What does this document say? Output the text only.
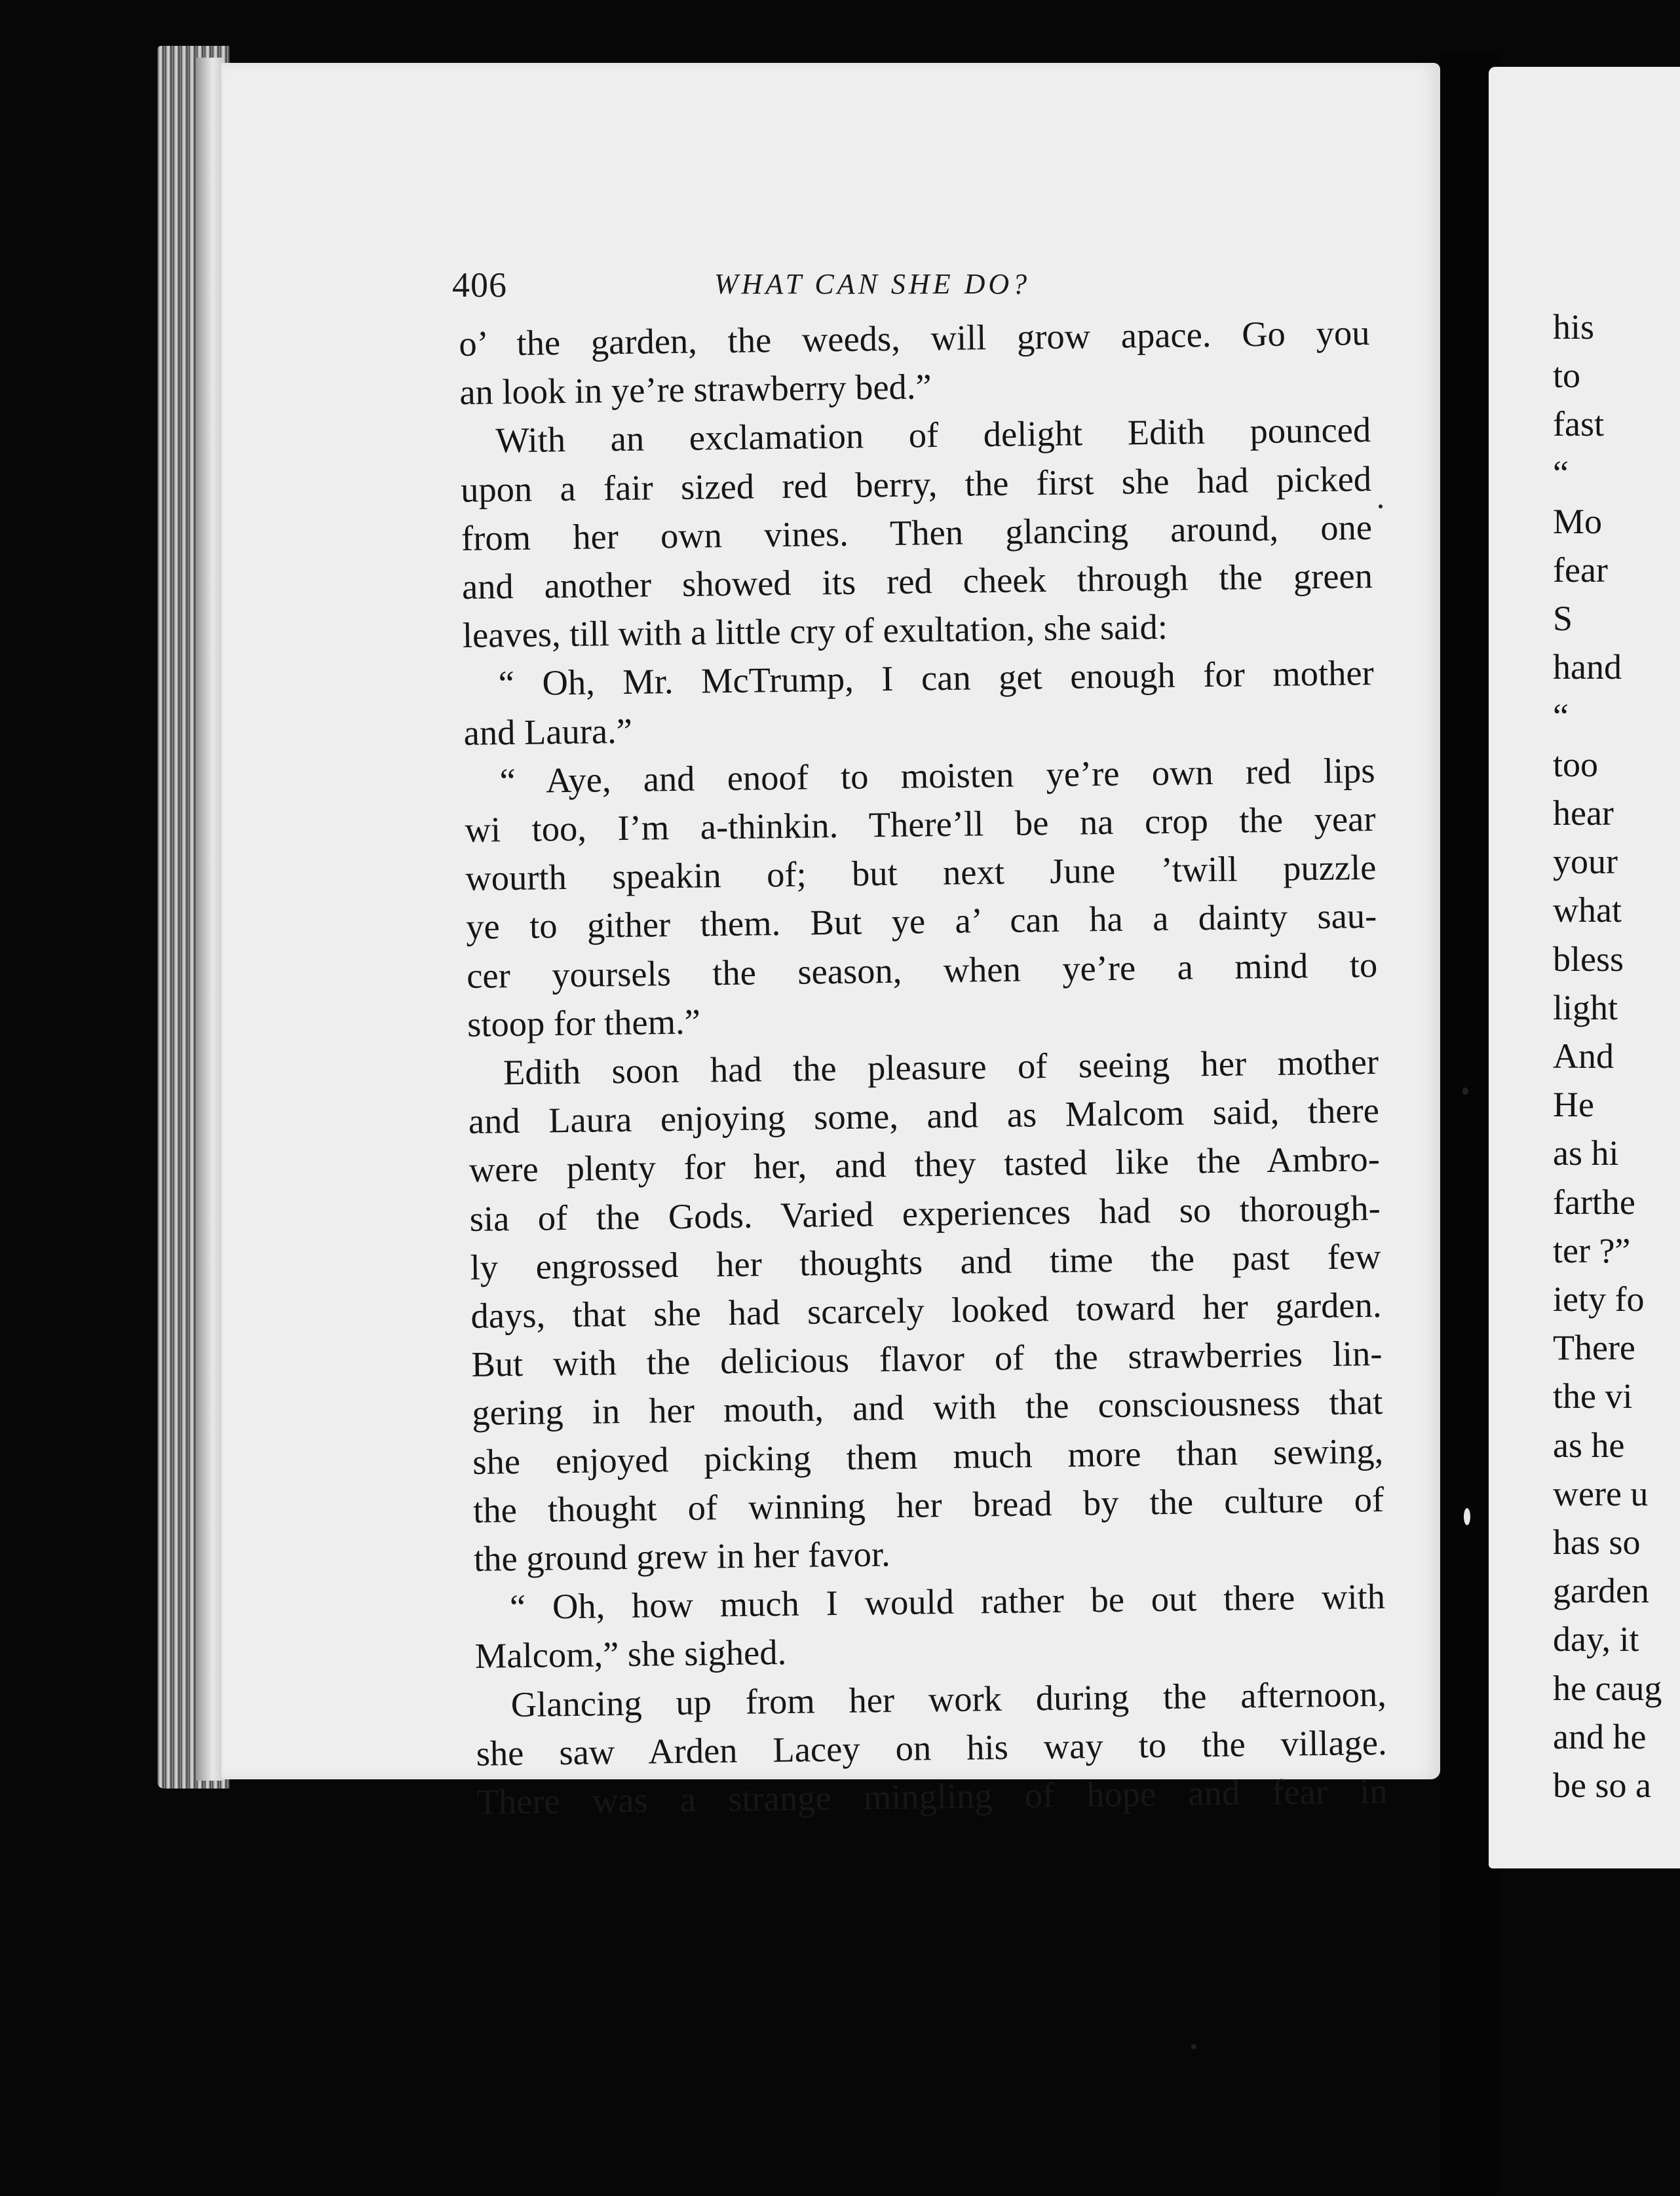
406	WHAT CAN SHE DO?
o’ the garden, the weeds, will grow apace. Go you
an look in ye’re strawberry bed.”
With an exclamation of delight Edith pounced
upon a fair sized red berry, the first she had picked
from her own vines. Then glancing around, one
and another showed its red cheek through the green
leaves, till with a little cry of exultation, she said:
“ Oh, Mr. McTrump, I can get enough for mother
and Laura.”
“ Aye, and enoof to moisten ye’re own red lips
wi too, I’m a-thinkin. There’ll be na crop the year
wourth speakin of; but next June ’twill puzzle
ye to gither them. But ye a’ can ha a dainty sau-
cer yoursels the season, when ye’re a mind to
stoop for them.”
Edith soon had the pleasure of seeing her mother
and Laura enjoying some, and as Malcom said, there
were plenty for her, and they tasted like the Ambro-
sia of the Gods. Varied experiences had so thorough-
ly engrossed her thoughts and time the past few
days, that she had scarcely looked toward her garden.
But with the delicious flavor of the strawberries lin-
gering in her mouth, and with the consciousness that
she enjoyed picking them much more than sewing,
the thought of winning her bread by the culture of
the ground grew in her favor.
“ Oh, how much I would rather be out there with
Malcom,” she sighed.
Glancing up from her work during the afternoon,
she saw Arden Lacey on his way to the village.
There was a strange mingling of hope and fear in
his
to
fast
“
Mo
fear
S
hand
“
too
hear
your
what
bless
light
And
He
as hi
farthe
ter ?”
iety fo
There
the vi
as he
were u
has so
garden
day, it
he caug
and he
be so a
